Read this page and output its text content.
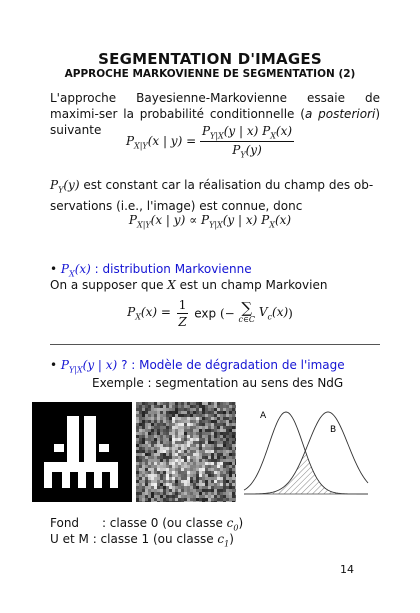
SEGMENTATION D'IMAGES
APPROCHE MARKOVIENNE DE SEGMENTATION (2)
L'approche Bayesienne-Markovienne essaie de maximi-ser la probabilité conditionnelle (a posteriori) suivante
$P_{X|Y}(x$ | $y) = \frac{P_{Y|X}(y | x) P_X(x)}{P_Y(y)}$
$P_Y(y)$ est constant car la réalisation du champ des ob-
servations (i.e., l'image) est connue, donc
$P_{X|Y}(x$ | $y) \propto P_{Y|X}(y$ | x) $P_X(x)$
• $P_X(x)$ : distribution Markovienne
On a supposer que X est un champ Markovien
$P_X(x) = \frac{1}{Z}$ exp (− ∑
c∈C $V_c(x)$)
• $P_{Y|X}(y$ | x) ? : Modèle de dégradation de l'image
Exemple : segmentation au sens des NdG
A
B
Fond : classe 0 (ou classe $c_0$)
U et M : classe 1 (ou classe $c_1$)
14
